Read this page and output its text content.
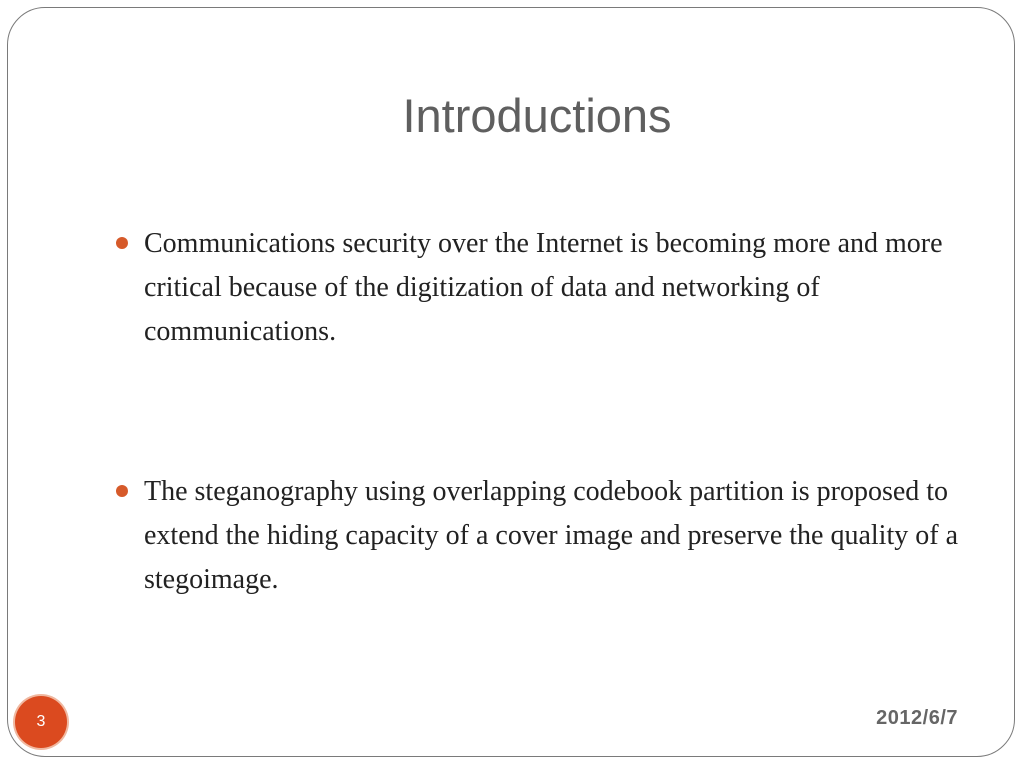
Introductions
Communications security over the Internet is becoming more and more critical because of the digitization of data and networking of communications.
The steganography using overlapping codebook partition is proposed to extend the hiding capacity of a cover image and preserve the quality of a stegoimage.
3	2012/6/7
